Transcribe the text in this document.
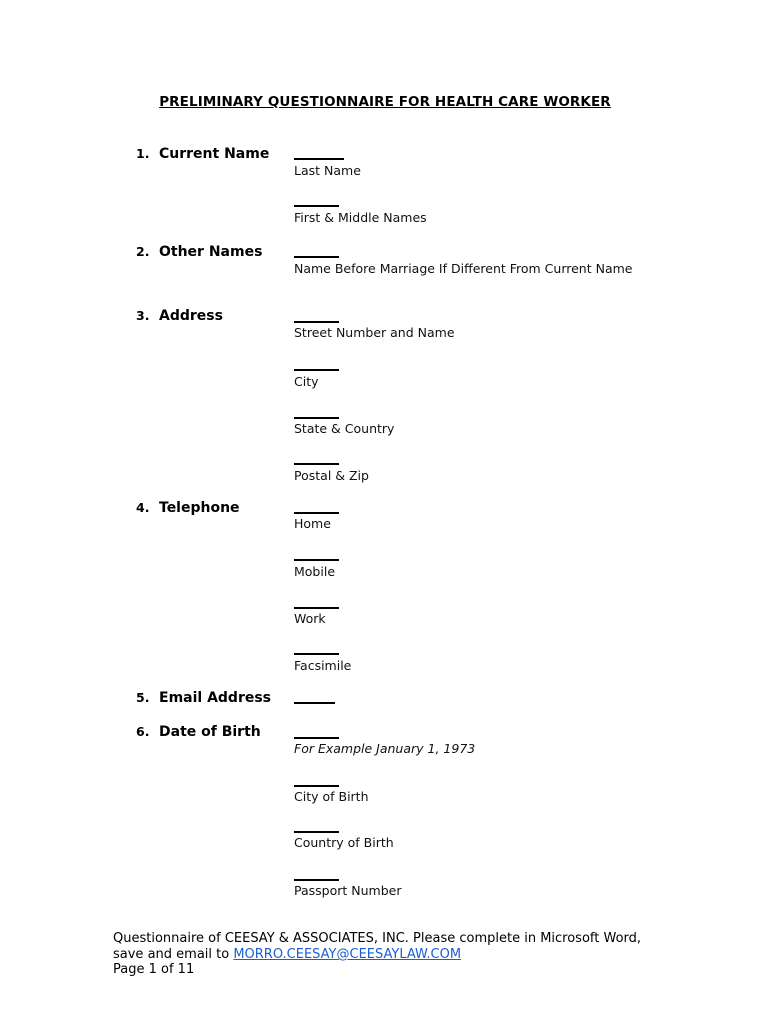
PRELIMINARY QUESTIONNAIRE FOR HEALTH CARE WORKER
1. Current Name
Last Name
First & Middle Names
2. Other Names
Name Before Marriage If Different From Current Name
3. Address
Street Number and Name
City
State & Country
Postal & Zip
4. Telephone
Home
Mobile
Work
Facsimile
5. Email Address
6. Date of Birth
For Example January 1, 1973
City of Birth
Country of Birth
Passport Number
Questionnaire of CEESAY & ASSOCIATES, INC. Please complete in Microsoft Word,
save and email to MORRO.CEESAY@CEESAYLAW.COM
Page 1 of 11
